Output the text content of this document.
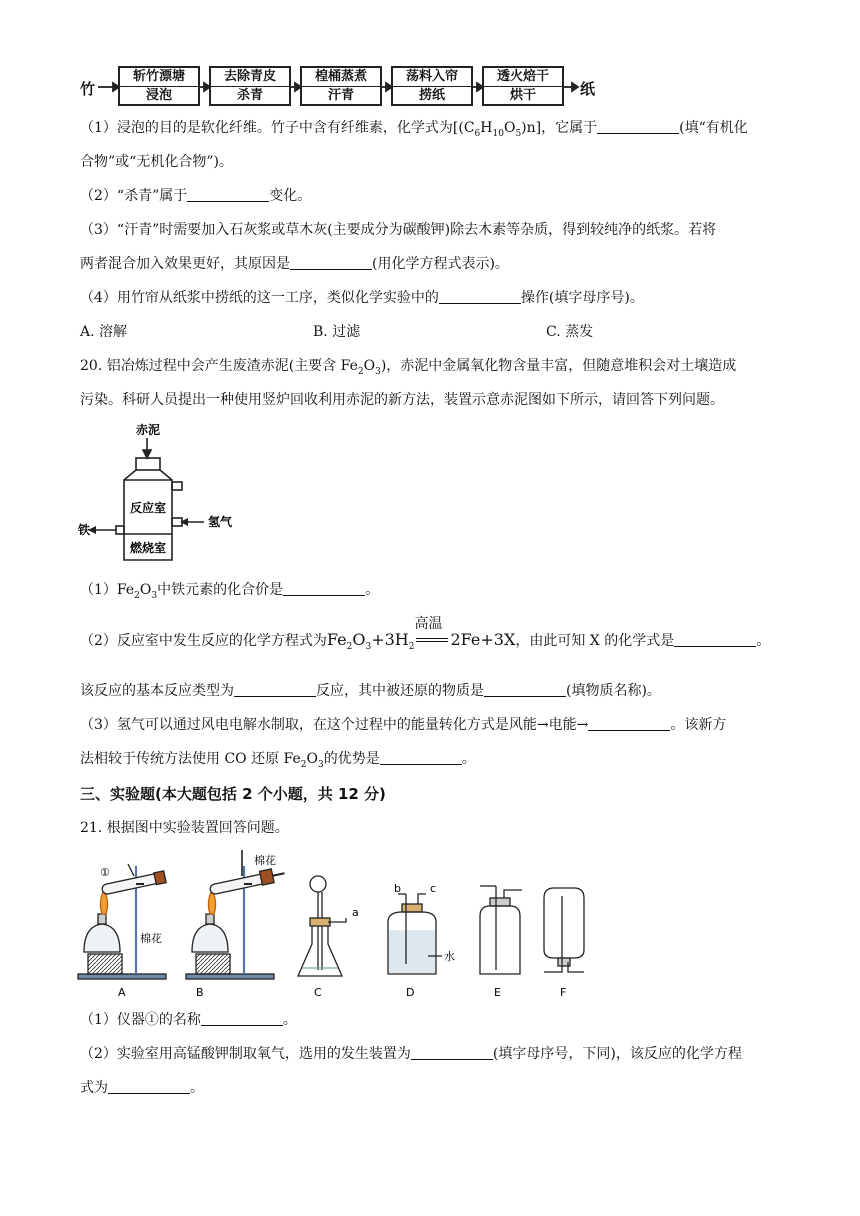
竹
斩竹漂塘
浸泡
去除青皮
杀青
楻桶蒸煮
汗青
荡料入帘
捞纸
透火焙干
烘干	纸
（1）浸泡的目的是软化纤维。竹子中含有纤维素，化学式为$[(C_6H_{10}O_5)n]$，它属于	(填“有机化
合物”或“无机化合物”)。
（2）“杀青”属于	变化。
（3）“汗青”时需要加入石灰浆或草木灰(主要成分为碳酸钾)除去木素等杂质，得到较纯净的纸浆。若将
两者混合加入效果更好，其原因是	(用化学方程式表示)。
（4）用竹帘从纸浆中捞纸的这一工序，类似化学实验中的	操作(填字母序号)。
A. 溶解	B. 过滤	C. 蒸发
20. 铝冶炼过程中会产生废渣赤泥(主要含 $Fe_2O_3$)，赤泥中金属氧化物含量丰富，但随意堆积会对土壤造成
污染。科研人员提出一种使用竖炉回收利用赤泥的新方法，装置示意赤泥图如下所示，请回答下列问题。
赤泥
反应室
燃烧室
铁
氢气
$(1)Fe_2O_3$中铁元素的化合价是	。
（2）反应室中发生反应的化学方程式为$Fe_2O_3+3H_2$
高温
2Fe+3X，由此可知 X 的化学式是	。
该反应的基本反应类型为	反应，其中被还原的物质是	(填物质名称)。
（3）氢气可以通过风电电解水制取，在这个过程中的能量转化方式是风能→电能→	。该新方
法相较于传统方法使用 CO 还原 $Fe_2O_3$的优势是	。
三、实验题(本大题包括 2 个小题，共 12 分)
21. 根据图中实验装置回答问题。
①
棉花
棉花
a
b	c
水
A	B	C	D	E	F
（1）仪器①的名称	。
（2）实验室用高锰酸钾制取氧气，选用的发生装置为	(填字母序号，下同)，该反应的化学方程
式为	。
